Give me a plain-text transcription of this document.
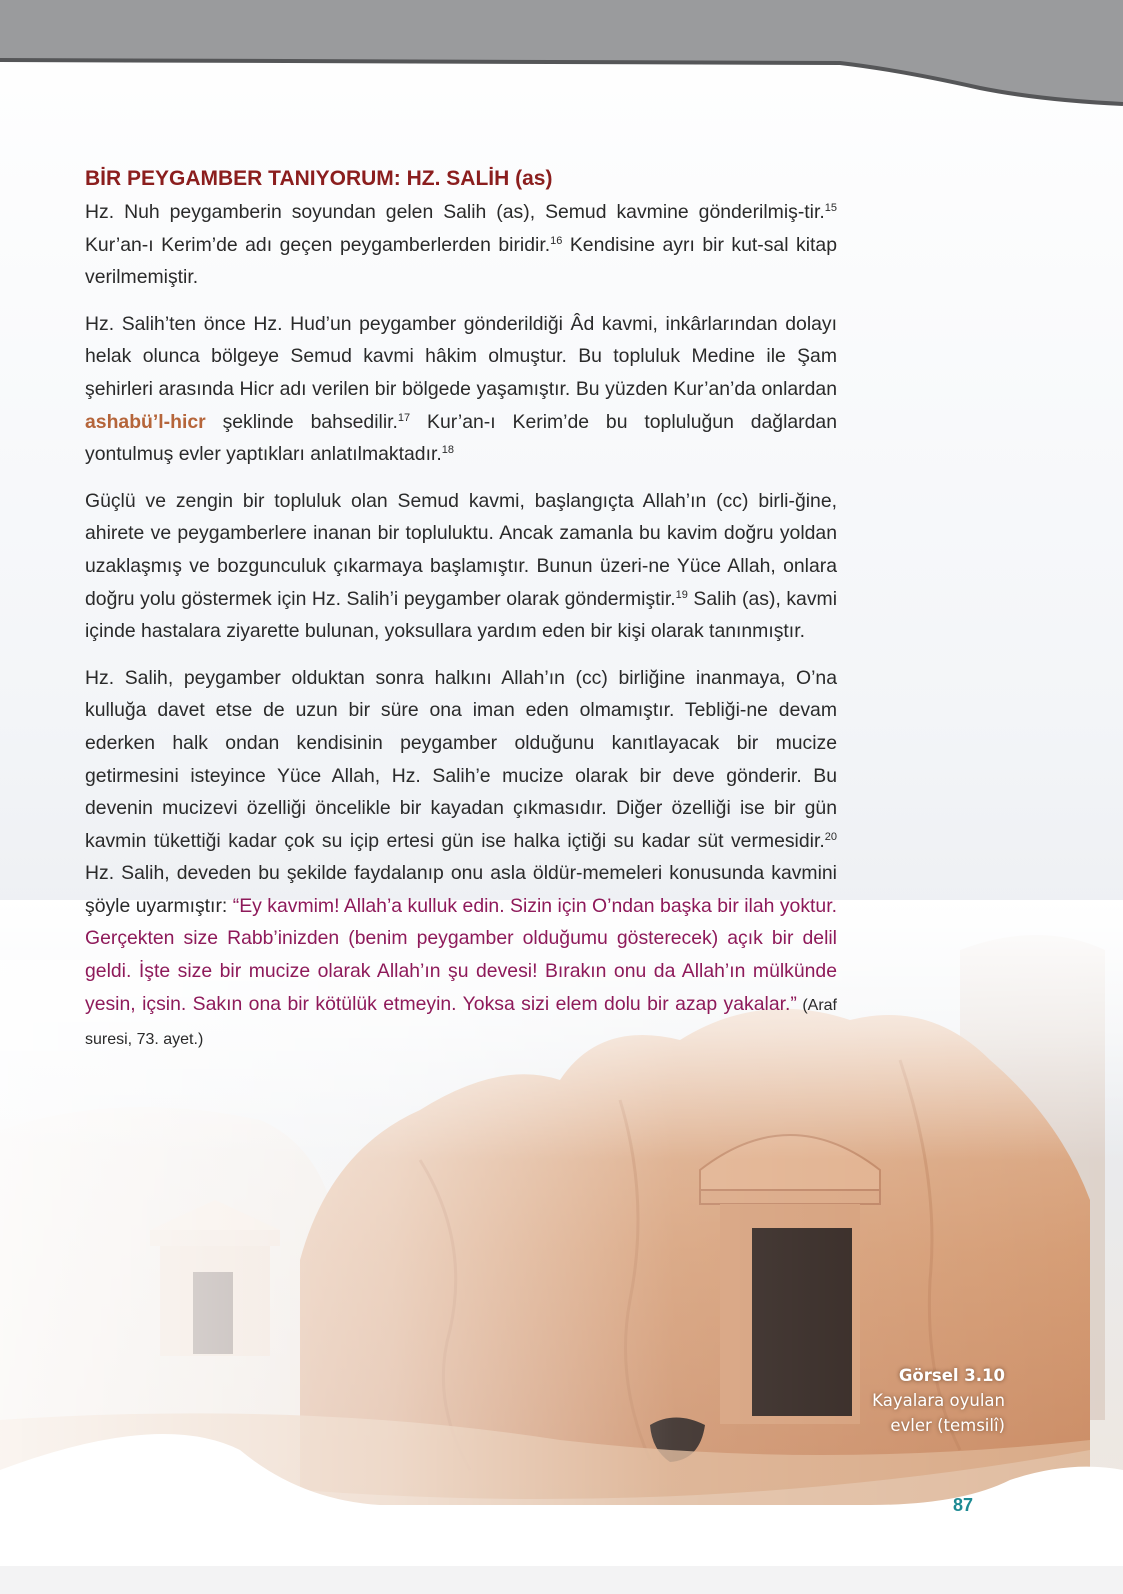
BİR PEYGAMBER TANIYORUM: HZ. SALİH (as)

Hz. Nuh peygamberin soyundan gelen Salih (as), Semud kavmine gönderilmiş-tir.$^{15}$ Kur’an-ı Kerim’de adı geçen peygamberlerden biridir.$^{16}$ Kendisine ayrı bir kut-sal kitap verilmemiştir.

Hz. Salih’ten önce Hz. Hud’un peygamber gönderildiği Âd kavmi, inkârlarından dolayı helak olunca bölgeye Semud kavmi hâkim olmuştur. Bu topluluk Medine ile Şam şehirleri arasında Hicr adı verilen bir bölgede yaşamıştır. Bu yüzden Kur’an’da onlardan ashabü’l-hicr şeklinde bahsedilir.$^{17}$ Kur’an-ı Kerim’de bu topluluğun dağlardan yontulmuş evler yaptıkları anlatılmaktadır.$^{18}$

Güçlü ve zengin bir topluluk olan Semud kavmi, başlangıçta Allah’ın (cc) birli-ğine, ahirete ve peygamberlere inanan bir topluluktu. Ancak zamanla bu kavim doğru yoldan uzaklaşmış ve bozgunculuk çıkarmaya başlamıştır. Bunun üzeri-ne Yüce Allah, onlara doğru yolu göstermek için Hz. Salih’i peygamber olarak göndermiştir.$^{19}$ Salih (as), kavmi içinde hastalara ziyarette bulunan, yoksullara yardım eden bir kişi olarak tanınmıştır.

Hz. Salih, peygamber olduktan sonra halkını Allah’ın (cc) birliğine inanmaya, O’na kulluğa davet etse de uzun bir süre ona iman eden olmamıştır. Tebliği-ne devam ederken halk ondan kendisinin peygamber olduğunu kanıtlayacak bir mucize getirmesini isteyince Yüce Allah, Hz. Salih’e mucize olarak bir deve gönderir. Bu devenin mucizevi özelliği öncelikle bir kayadan çıkmasıdır. Diğer özelliği ise bir gün kavmin tükettiği kadar çok su içip ertesi gün ise halka içtiği su kadar süt vermesidir.$^{20}$ Hz. Salih, deveden bu şekilde faydalanıp onu asla öldür-memeleri konusunda kavmini şöyle uyarmıştır: “Ey kavmim! Allah’a kulluk edin. Sizin için O’ndan başka bir ilah yoktur. Gerçekten size Rabb’inizden (benim peygamber olduğumu gösterecek) açık bir delil geldi. İşte size bir mucize olarak Allah’ın şu devesi! Bırakın onu da Allah’ın mülkünde yesin, içsin. Sakın ona bir kötülük etmeyin. Yoksa sizi elem dolu bir azap yakalar.” (Araf suresi, 73. ayet.)

Görsel 3.10
Kayalara oyulan
evler (temsilî)
87
